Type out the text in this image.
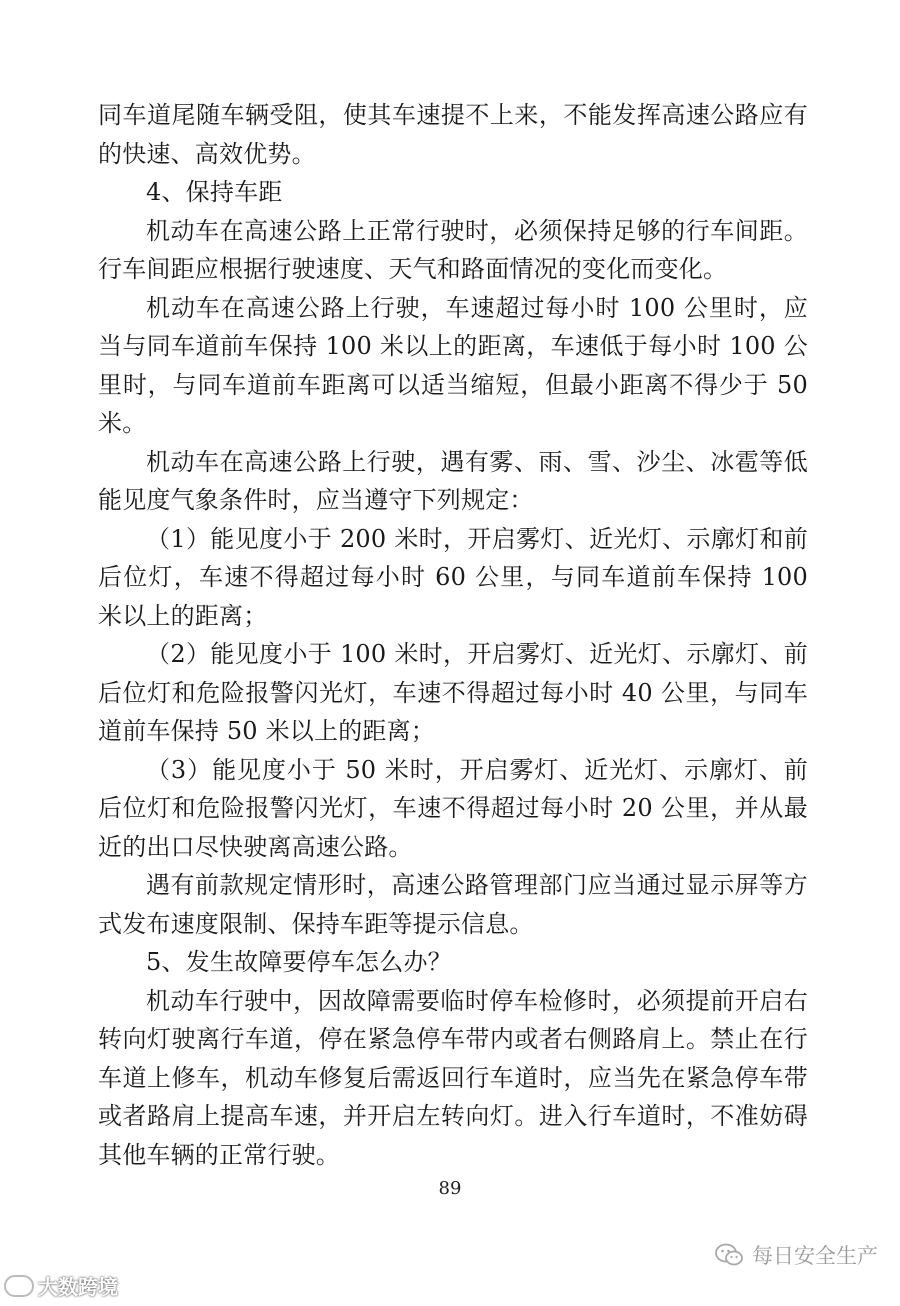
同车道尾随车辆受阻，使其车速提不上来，不能发挥高速公路应有的快速、高效优势。

4、保持车距

机动车在高速公路上正常行驶时，必须保持足够的行车间距。行车间距应根据行驶速度、天气和路面情况的变化而变化。

机动车在高速公路上行驶，车速超过每小时 100 公里时，应当与同车道前车保持 100 米以上的距离，车速低于每小时 100 公里时，与同车道前车距离可以适当缩短，但最小距离不得少于 50 米。

机动车在高速公路上行驶，遇有雾、雨、雪、沙尘、冰雹等低能见度气象条件时，应当遵守下列规定：

（1）能见度小于 200 米时，开启雾灯、近光灯、示廓灯和前后位灯，车速不得超过每小时 60 公里，与同车道前车保持 100 米以上的距离；

（2）能见度小于 100 米时，开启雾灯、近光灯、示廓灯、前后位灯和危险报警闪光灯，车速不得超过每小时 40 公里，与同车道前车保持 50 米以上的距离；

（3）能见度小于 50 米时，开启雾灯、近光灯、示廓灯、前后位灯和危险报警闪光灯，车速不得超过每小时 20 公里，并从最近的出口尽快驶离高速公路。

遇有前款规定情形时，高速公路管理部门应当通过显示屏等方式发布速度限制、保持车距等提示信息。

5、发生故障要停车怎么办？

机动车行驶中，因故障需要临时停车检修时，必须提前开启右转向灯驶离行车道，停在紧急停车带内或者右侧路肩上。禁止在行车道上修车，机动车修复后需返回行车道时，应当先在紧急停车带或者路肩上提高车速，并开启左转向灯。进入行车道时，不准妨碍其他车辆的正常行驶。

89
大数跨境
每日安全生产
